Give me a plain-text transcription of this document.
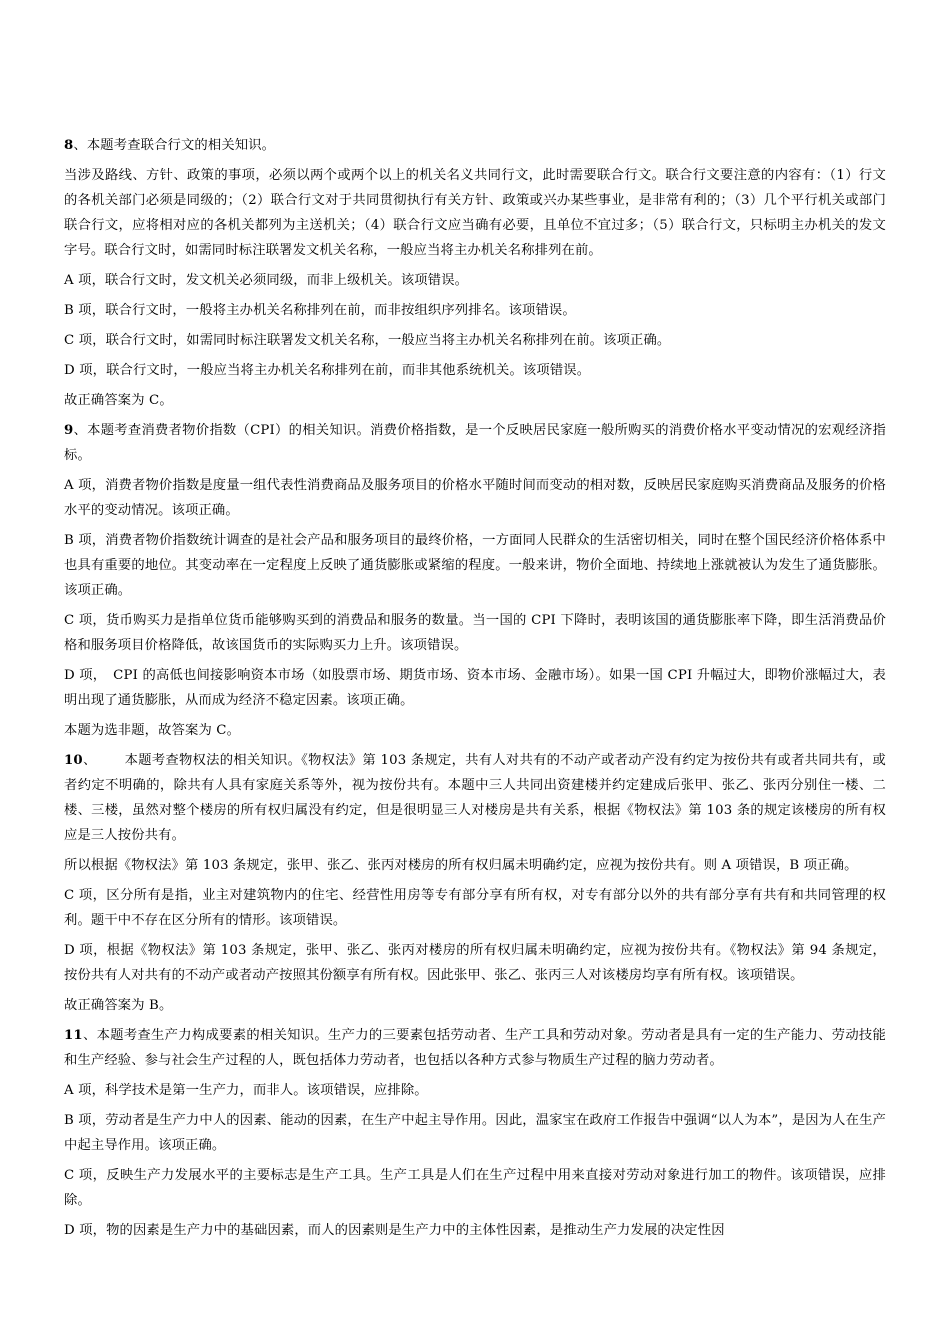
8、本题考查联合行文的相关知识。

当涉及路线、方针、政策的事项，必须以两个或两个以上的机关名义共同行文，此时需要联合行文。联合行文要注意的内容有：（1）行文的各机关部门必须是同级的；（2）联合行文对于共同贯彻执行有关方针、政策或兴办某些事业，是非常有利的；（3）几个平行机关或部门联合行文，应将相对应的各机关都列为主送机关；（4）联合行文应当确有必要，且单位不宜过多；（5）联合行文，只标明主办机关的发文字号。联合行文时，如需同时标注联署发文机关名称，一般应当将主办机关名称排列在前。

A 项，联合行文时，发文机关必须同级，而非上级机关。该项错误。

B 项，联合行文时，一般将主办机关名称排列在前，而非按组织序列排名。该项错误。

C 项，联合行文时，如需同时标注联署发文机关名称，一般应当将主办机关名称排列在前。该项正确。

D 项，联合行文时，一般应当将主办机关名称排列在前，而非其他系统机关。该项错误。

故正确答案为 C。

9、本题考查消费者物价指数（CPI）的相关知识。消费价格指数，是一个反映居民家庭一般所购买的消费价格水平变动情况的宏观经济指标。

A 项，消费者物价指数是度量一组代表性消费商品及服务项目的价格水平随时间而变动的相对数，反映居民家庭购买消费商品及服务的价格水平的变动情况。该项正确。

B 项，消费者物价指数统计调查的是社会产品和服务项目的最终价格，一方面同人民群众的生活密切相关，同时在整个国民经济价格体系中也具有重要的地位。其变动率在一定程度上反映了通货膨胀或紧缩的程度。一般来讲，物价全面地、持续地上涨就被认为发生了通货膨胀。该项正确。

C 项，货币购买力是指单位货币能够购买到的消费品和服务的数量。当一国的 CPI 下降时，表明该国的通货膨胀率下降，即生活消费品价格和服务项目价格降低，故该国货币的实际购买力上升。该项错误。

D 项，　CPI 的高低也间接影响资本市场（如股票市场、期货市场、资本市场、金融市场）。如果一国 CPI 升幅过大，即物价涨幅过大，表明出现了通货膨胀，从而成为经济不稳定因素。该项正确。

本题为选非题，故答案为 C。

10、 本题考查物权法的相关知识。《物权法》第 103 条规定，共有人对共有的不动产或者动产没有约定为按份共有或者共同共有，或者约定不明确的，除共有人具有家庭关系等外，视为按份共有。本题中三人共同出资建楼并约定建成后张甲、张乙、张丙分别住一楼、二楼、三楼，虽然对整个楼房的所有权归属没有约定，但是很明显三人对楼房是共有关系，根据《物权法》第 103 条的规定该楼房的所有权应是三人按份共有。

所以根据《物权法》第 103 条规定，张甲、张乙、张丙对楼房的所有权归属未明确约定，应视为按份共有。则 A 项错误，B 项正确。

C 项，区分所有是指，业主对建筑物内的住宅、经营性用房等专有部分享有所有权，对专有部分以外的共有部分享有共有和共同管理的权利。题干中不存在区分所有的情形。该项错误。

D 项，根据《物权法》第 103 条规定，张甲、张乙、张丙对楼房的所有权归属未明确约定，应视为按份共有。《物权法》第 94 条规定，按份共有人对共有的不动产或者动产按照其份额享有所有权。因此张甲、张乙、张丙三人对该楼房均享有所有权。该项错误。

故正确答案为 B。

11、本题考查生产力构成要素的相关知识。生产力的三要素包括劳动者、生产工具和劳动对象。劳动者是具有一定的生产能力、劳动技能和生产经验、参与社会生产过程的人，既包括体力劳动者，也包括以各种方式参与物质生产过程的脑力劳动者。

A 项，科学技术是第一生产力，而非人。该项错误，应排除。

B 项，劳动者是生产力中人的因素、能动的因素，在生产中起主导作用。因此，温家宝在政府工作报告中强调“以人为本”，是因为人在生产中起主导作用。该项正确。

C 项，反映生产力发展水平的主要标志是生产工具。生产工具是人们在生产过程中用来直接对劳动对象进行加工的物件。该项错误，应排除。

D 项，物的因素是生产力中的基础因素，而人的因素则是生产力中的主体性因素，是推动生产力发展的决定性因
